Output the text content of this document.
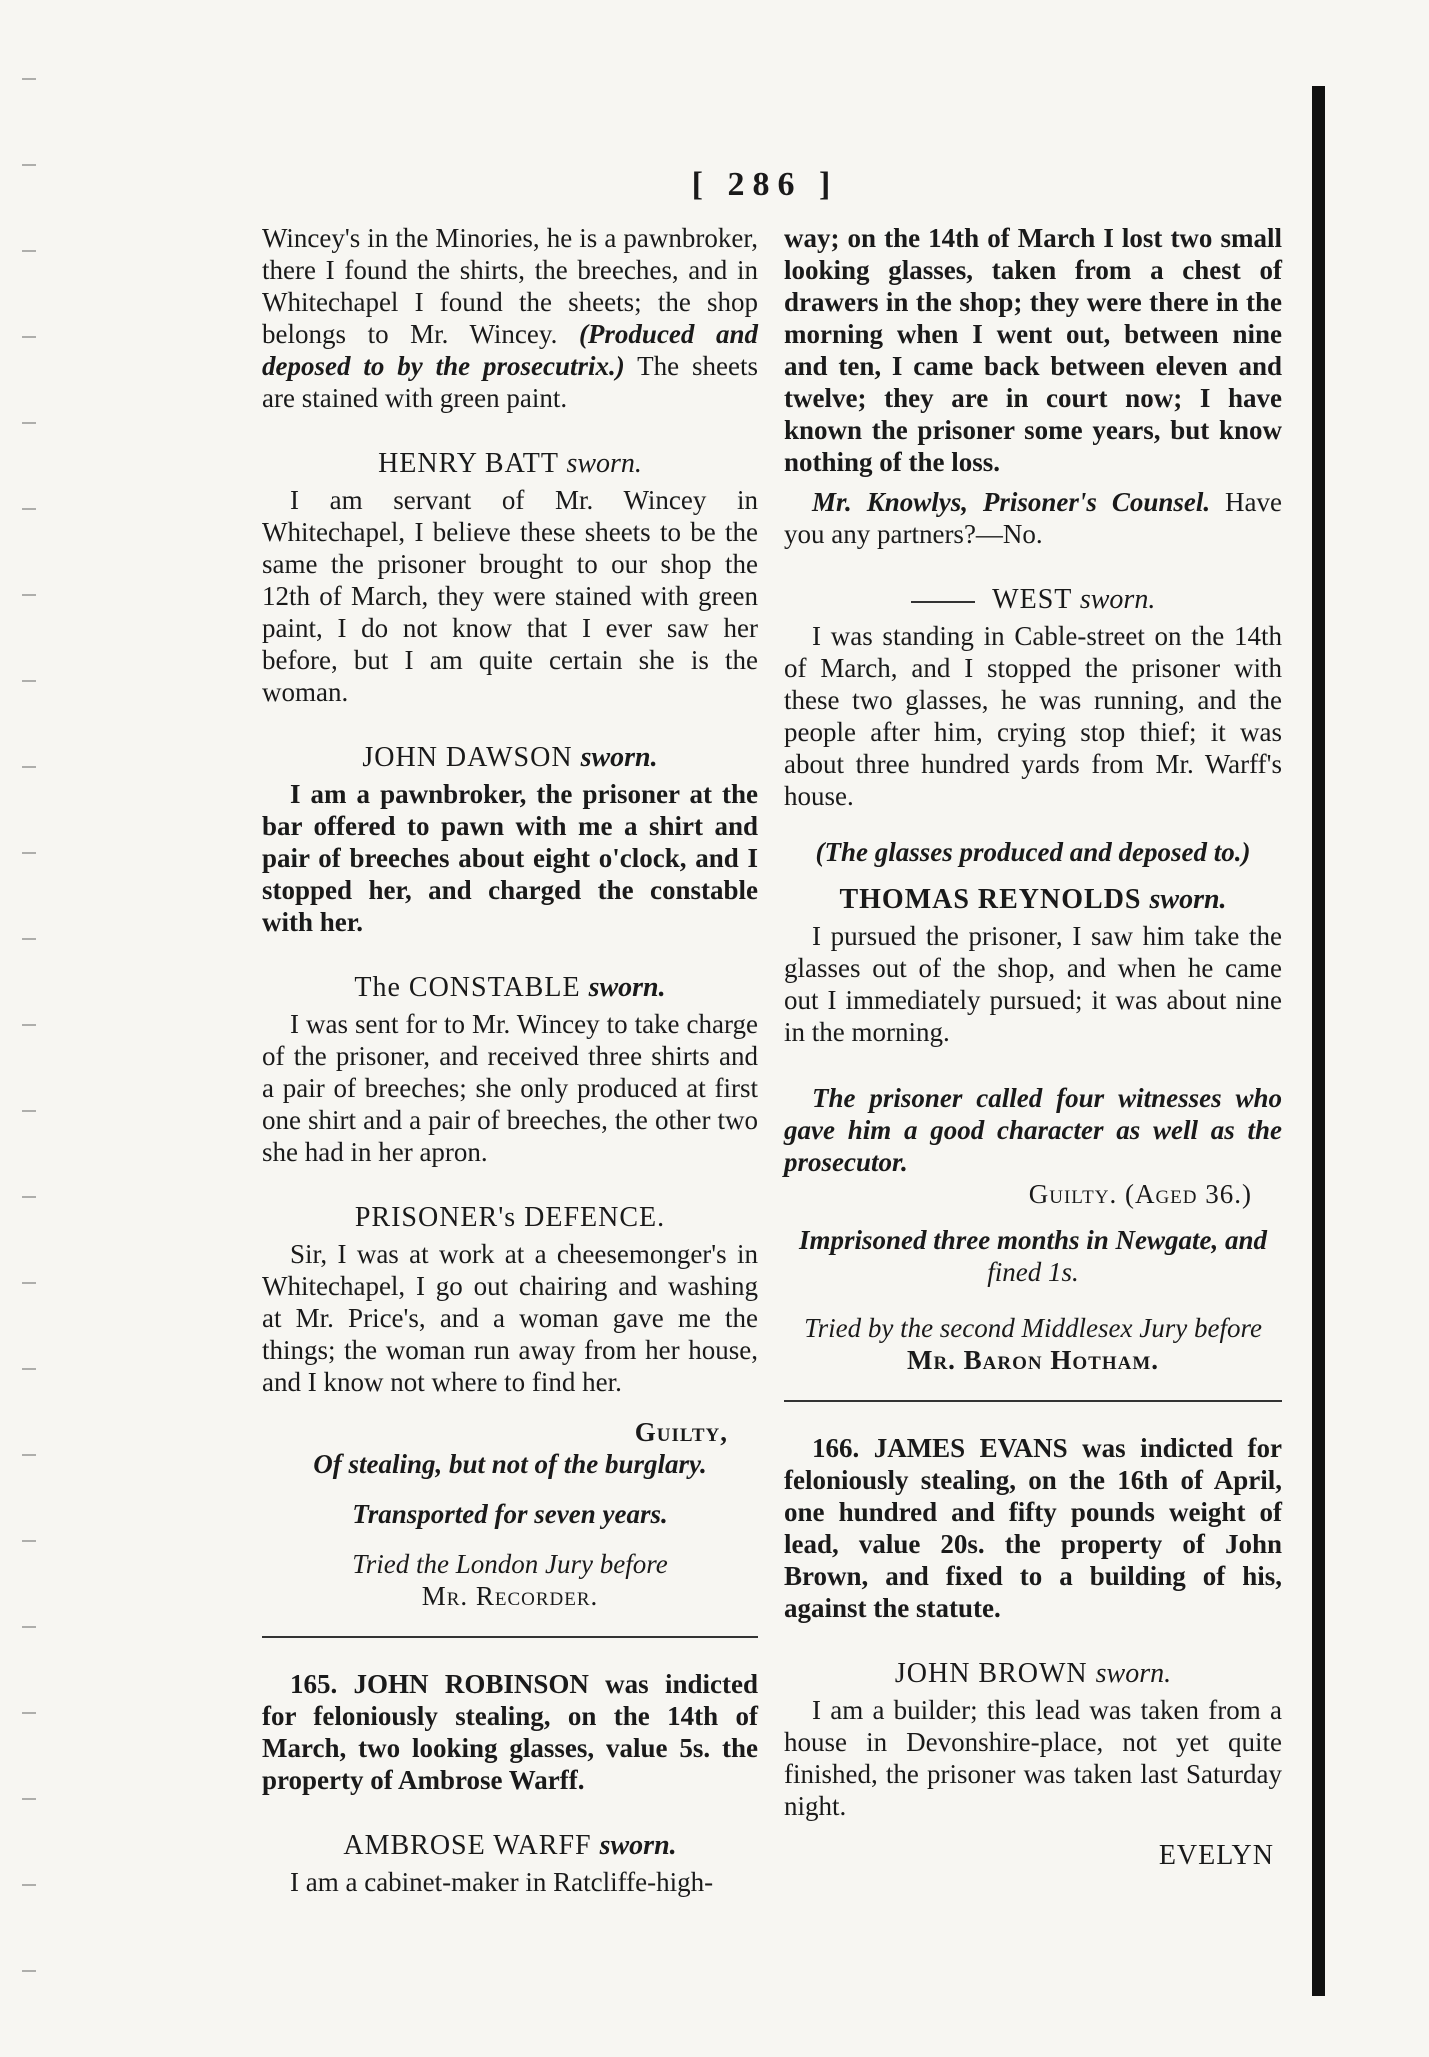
[ 286 ]

Wincey's in the Minories, he is a pawnbroker, there I found the shirts, the breeches, and in Whitechapel I found the sheets; the shop belongs to Mr. Wincey. (Produced and deposed to by the prosecutrix.) The sheets are stained with green paint.

HENRY BATT sworn.

I am servant of Mr. Wincey in Whitechapel, I believe these sheets to be the same the prisoner brought to our shop the 12th of March, they were stained with green paint, I do not know that I ever saw her before, but I am quite certain she is the woman.

JOHN DAWSON sworn.

I am a pawnbroker, the prisoner at the bar offered to pawn with me a shirt and pair of breeches about eight o'clock, and I stopped her, and charged the constable with her.

The CONSTABLE sworn.

I was sent for to Mr. Wincey to take charge of the prisoner, and received three shirts and a pair of breeches; she only produced at first one shirt and a pair of breeches, the other two she had in her apron.

PRISONER's DEFENCE.

Sir, I was at work at a cheesemonger's in Whitechapel, I go out chairing and washing at Mr. Price's, and a woman gave me the things; the woman run away from her house, and I know not where to find her.

Guilty,
Of stealing, but not of the burglary.
Transported for seven years.
Tried the London Jury before
Mr. Recorder.

165. JOHN ROBINSON was indicted for feloniously stealing, on the 14th of March, two looking glasses, value 5s. the property of Ambrose Warff.

AMBROSE WARFF sworn.

I am a cabinet-maker in Ratcliffe-high-

way; on the 14th of March I lost two small looking glasses, taken from a chest of drawers in the shop; they were there in the morning when I went out, between nine and ten, I came back between eleven and twelve; they are in court now; I have known the prisoner some years, but know nothing of the loss.

Mr. Knowlys, Prisoner's Counsel. Have you any partners?—No.

WEST sworn.

I was standing in Cable-street on the 14th of March, and I stopped the prisoner with these two glasses, he was running, and the people after him, crying stop thief; it was about three hundred yards from Mr. Warff's house.

(The glasses produced and deposed to.)
THOMAS REYNOLDS sworn.

I pursued the prisoner, I saw him take the glasses out of the shop, and when he came out I immediately pursued; it was about nine in the morning.

The prisoner called four witnesses who gave him a good character as well as the prosecutor.

Guilty. (Aged 36.)
Imprisoned three months in Newgate, and
fined 1s.
Tried by the second Middlesex Jury before
Mr. Baron Hotham.

166. JAMES EVANS was indicted for feloniously stealing, on the 16th of April, one hundred and fifty pounds weight of lead, value 20s. the property of John Brown, and fixed to a building of his, against the statute.

JOHN BROWN sworn.

I am a builder; this lead was taken from a house in Devonshire-place, not yet quite finished, the prisoner was taken last Saturday night.

EVELYN
